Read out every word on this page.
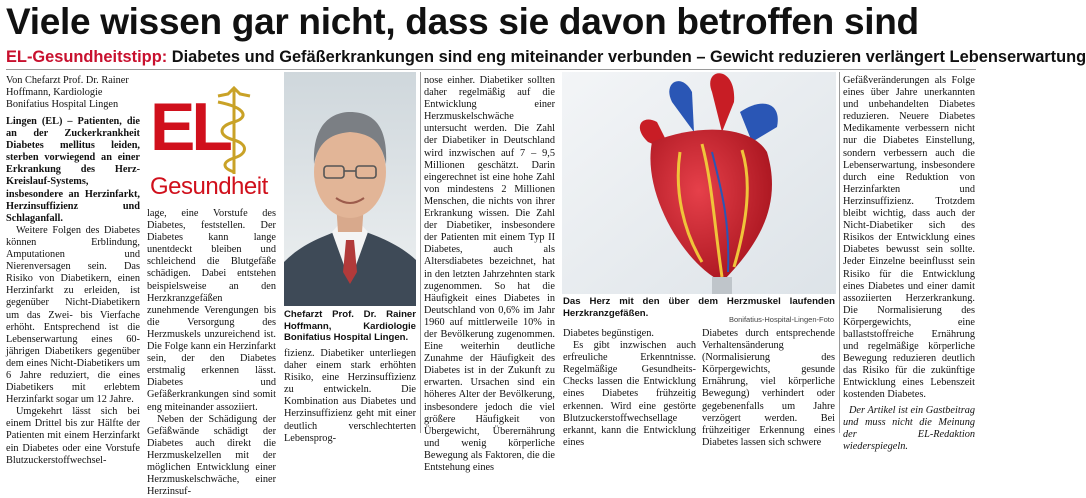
Viele wissen gar nicht, dass sie davon betroffen sind
EL-Gesundheitstipp: Diabetes und Gefäßerkrankungen sind eng miteinander verbunden – Gewicht reduzieren verlängert Lebenserwartung

Von Chefarzt Prof. Dr. Rainer Hoffmann, Kardiologie Bonifatius Hospital Lingen

Lingen (EL) – Patienten, die an der Zuckerkrankheit Diabetes mellitus leiden, sterben vorwiegend an einer Erkrankung des Herz-Kreislauf-Systems, insbesondere an Herzinfarkt, Herzinsuffizienz und Schlaganfall.

Weitere Folgen des Diabetes können Erblindung, Amputationen und Nierenversagen sein. Das Risiko von Diabetikern, einen Herzinfarkt zu erleiden, ist gegenüber Nicht-Diabetikern um das Zwei- bis Vierfache erhöht. Entsprechend ist die Lebenserwartung eines 60-jährigen Diabetikers gegenüber dem eines Nicht-Diabetikers um 6 Jahre reduziert, die eines Diabetikers mit erlebtem Herzinfarkt sogar um 12 Jahre.

Umgekehrt lässt sich bei einem Drittel bis zur Hälfte der Patienten mit einem Herzinfarkt ein Diabetes oder eine Vorstufe Blutzuckerstoffwechsel-

EL
Gesundheit

lage, eine Vorstufe des Diabetes, feststellen. Der Diabetes kann lange unentdeckt bleiben und schleichend die Blutgefäße schädigen. Dabei entstehen beispielsweise an den Herzkranzgefäßen zunehmende Verengungen bis die Versorgung des Herzmuskels unzureichend ist. Die Folge kann ein Herzinfarkt sein, der den Diabetes erstmalig erkennen lässt. Diabetes und Gefäßerkrankungen sind somit eng miteinander assoziiert.

Neben der Schädigung der Gefäßwände schädigt der Diabetes auch direkt die Herzmuskelzellen mit der möglichen Entwicklung einer Herzmuskelschwäche, einer Herzinsuf-

Chefarzt Prof. Dr. Rainer Hoffmann, Kardiologie Bonifatius Hospital Lingen.

fizienz. Diabetiker unterliegen daher einem stark erhöhten Risiko, eine Herzinsuffizienz zu entwickeln. Die Kombination aus Diabetes und Herzinsuffizienz geht mit einer deutlich verschlechterten Lebensprog-

nose einher. Diabetiker sollten daher regelmäßig auf die Entwicklung einer Herzmuskelschwäche untersucht werden. Die Zahl der Diabetiker in Deutschland wird inzwischen auf 7 – 9,5 Millionen geschätzt. Darin eingerechnet ist eine hohe Zahl von mindestens 2 Millionen Menschen, die nichts von ihrer Erkrankung wissen. Die Zahl der Diabetiker, insbesondere der Patienten mit einem Typ II Diabetes, auch als Altersdiabetes bezeichnet, hat in den letzten Jahrzehnten stark zugenommen. So hat die Häufigkeit eines Diabetes in Deutschland von 0,6% im Jahr 1960 auf mittlerweile 10% in der Bevölkerung zugenommen. Eine weiterhin deutliche Zunahme der Häufigkeit des Diabetes ist in der Zukunft zu erwarten. Ursachen sind ein höheres Alter der Bevölkerung, insbesondere jedoch die viel größere Häufigkeit von Übergewicht, Überernährung und wenig körperliche Bewegung als Faktoren, die die Entstehung eines

Das Herz mit den über dem Herzmuskel laufenden Herzkranzgefäßen.
Bonifatius-Hospital-Lingen-Foto

Diabetes begünstigen.

Es gibt inzwischen auch erfreuliche Erkenntnisse. Regelmäßige Gesundheits-Checks lassen die Entwicklung eines Diabetes frühzeitig erkennen. Wird eine gestörte Blutzuckerstoffwechsellage erkannt, kann die Entwicklung eines

Diabetes durch entsprechende Verhaltensänderung (Normalisierung des Körpergewichts, gesunde Ernährung, viel körperliche Bewegung) verhindert oder gegebenenfalls um Jahre verzögert werden. Bei frühzeitiger Erkennung eines Diabetes lassen sich schwere

Gefäßveränderungen als Folge eines über Jahre unerkannten und unbehandelten Diabetes reduzieren. Neuere Diabetes Medikamente verbessern nicht nur die Diabetes Einstellung, sondern verbessern auch die Lebenserwartung, insbesondere durch eine Reduktion von Herzinfarkten und Herzinsuffizienz. Trotzdem bleibt wichtig, dass auch der Nicht-Diabetiker sich des Risikos der Entwicklung eines Diabetes bewusst sein sollte. Jeder Einzelne beeinflusst sein Risiko für die Entwicklung eines Diabetes und einer damit assoziierten Herzerkrankung. Die Normalisierung des Körpergewichts, eine ballaststoffreiche Ernährung und regelmäßige körperliche Bewegung reduzieren deutlich das Risiko für die zukünftige Entwicklung eines Lebenszeit kostenden Diabetes.

Der Artikel ist ein Gastbeitrag und muss nicht die Meinung der EL-Redaktion wiederspiegeln.
